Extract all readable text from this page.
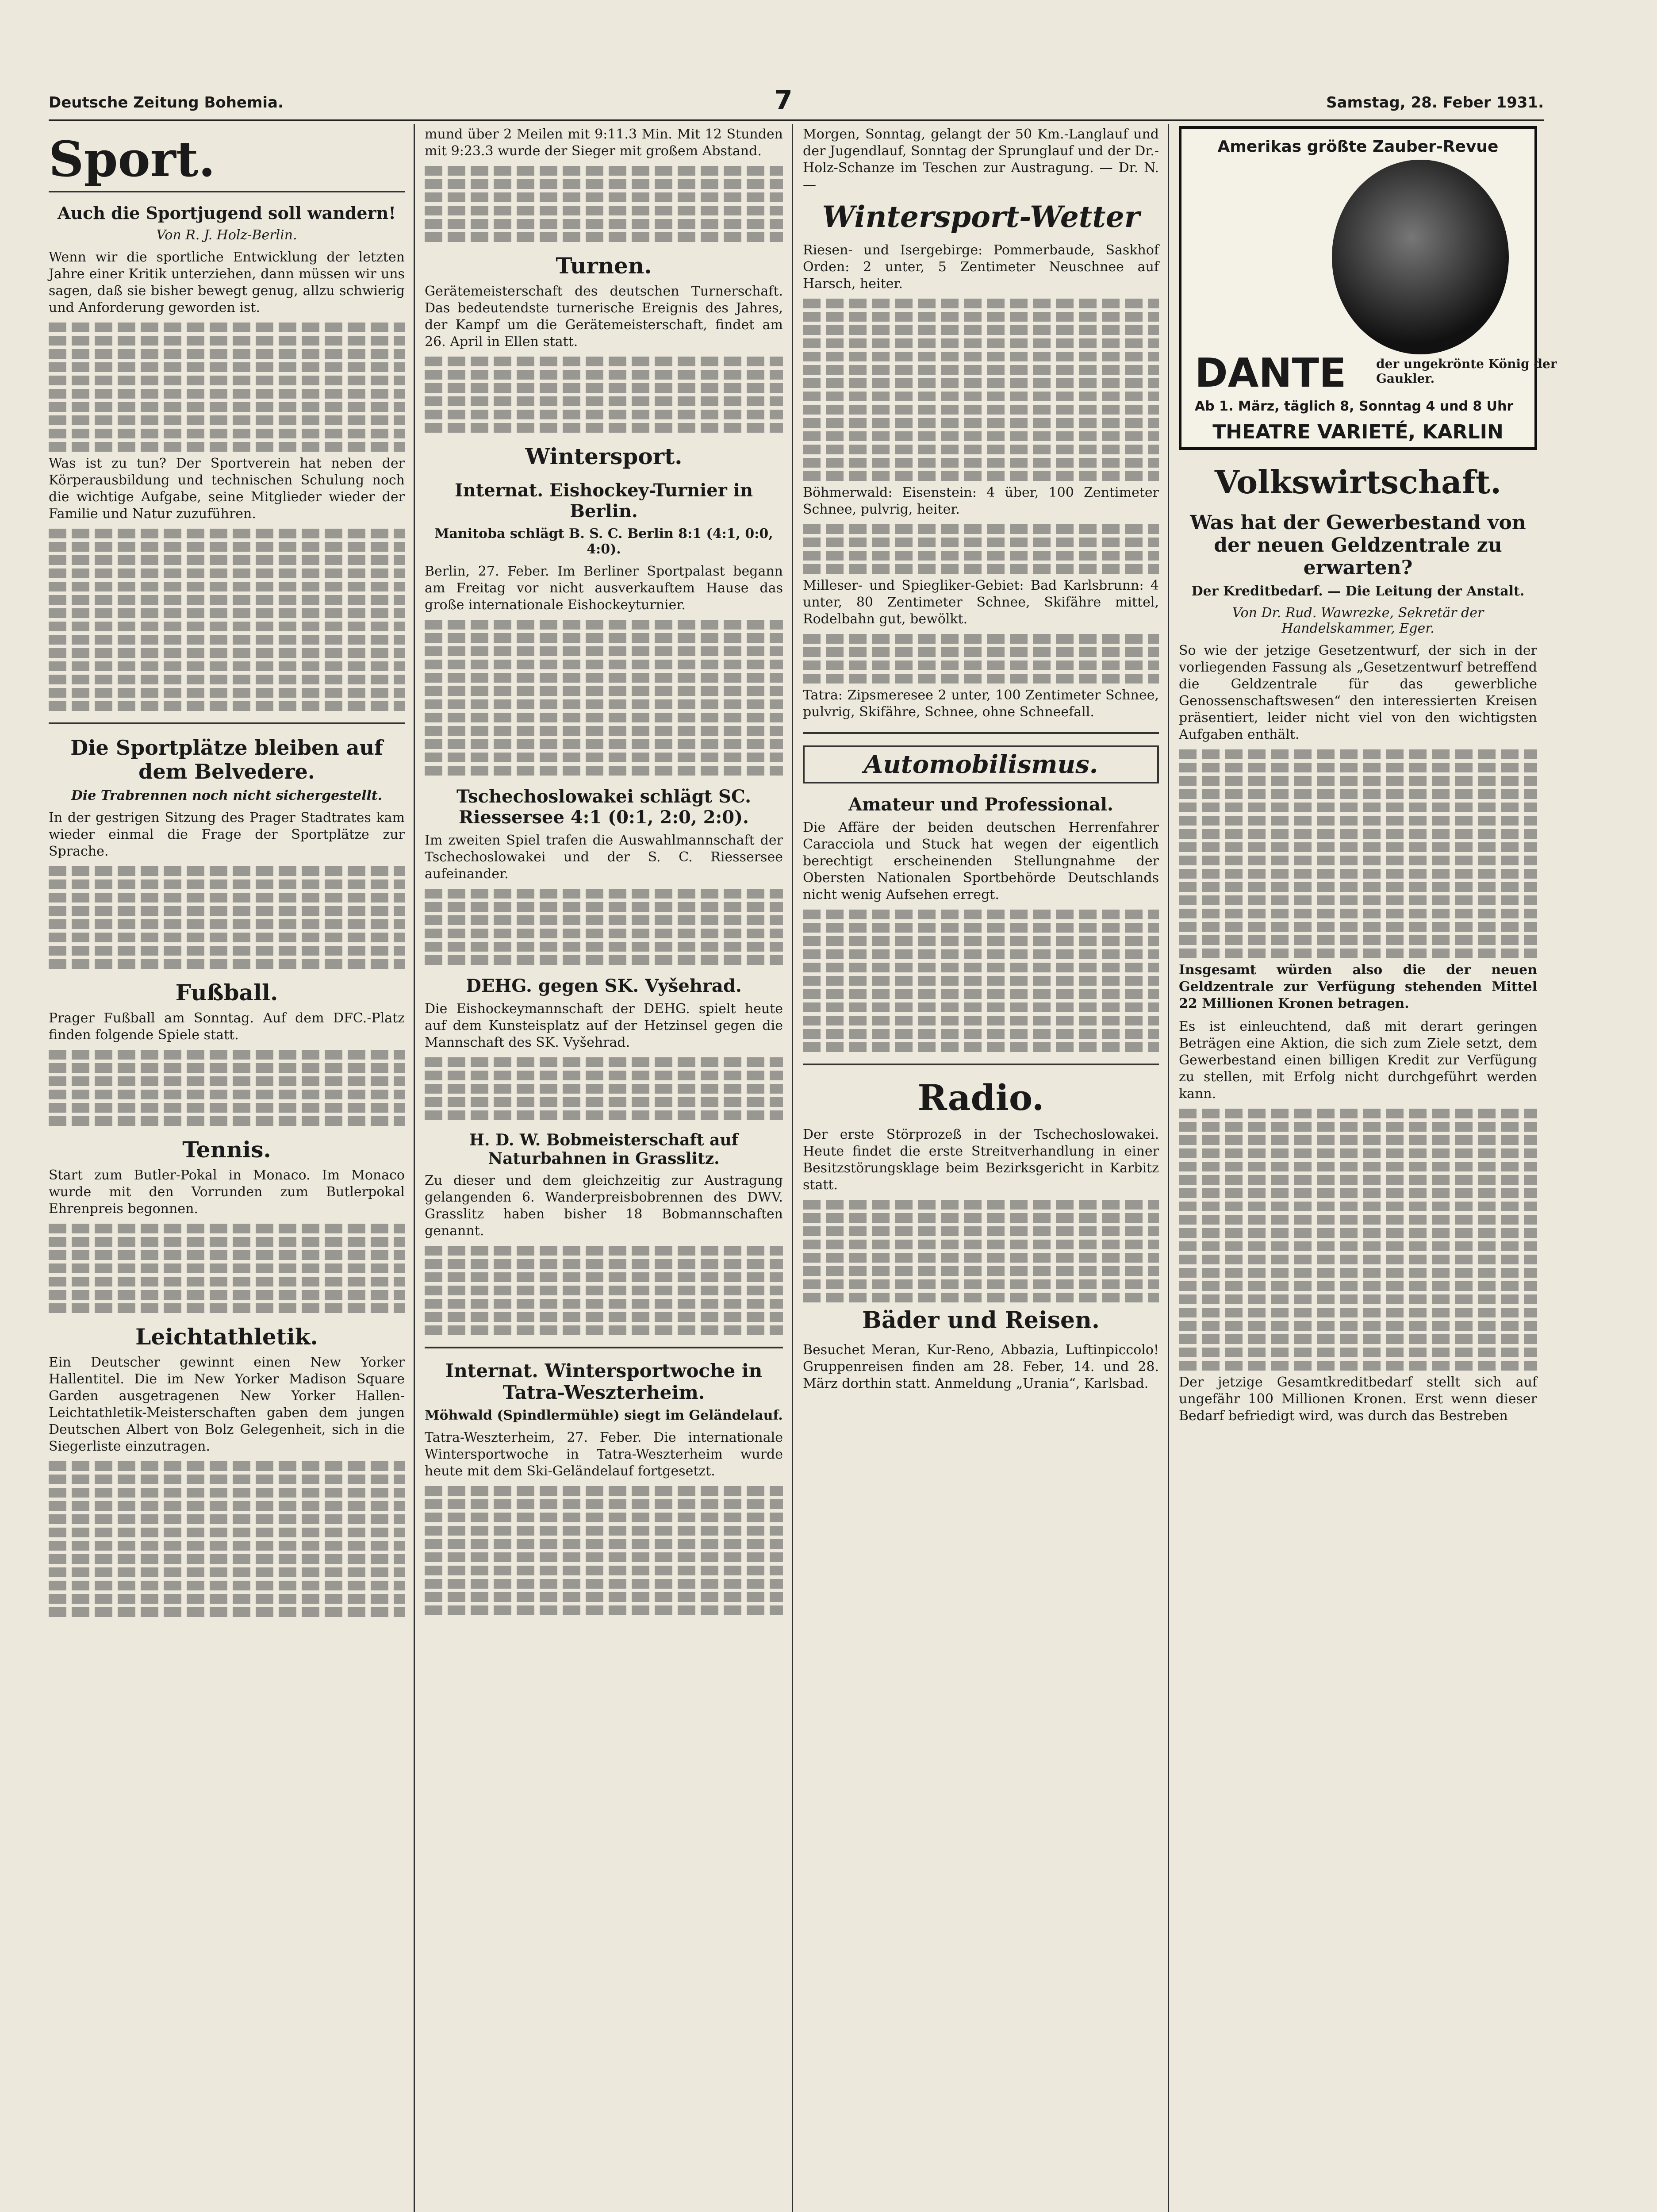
Deutsche Zeitung Bohemia.	7	Samstag, 28. Feber 1931.
Sport.
Auch die Sportjugend soll wandern!
Von R. J. Holz-Berlin.

Wenn wir die sportliche Entwicklung der letzten Jahre einer Kritik unterziehen, dann müssen wir uns sagen, daß sie bisher bewegt genug, allzu schwierig und Anforderung geworden ist.

Was ist zu tun? Der Sportverein hat neben der Körperausbildung und technischen Schulung noch die wichtige Aufgabe, seine Mitglieder wieder der Familie und Natur zuzuführen.

Die Sportplätze bleiben auf dem Belvedere.
Die Trabrennen noch nicht sichergestellt.

In der gestrigen Sitzung des Prager Stadtrates kam wieder einmal die Frage der Sportplätze zur Sprache.

Fußball.

Prager Fußball am Sonntag. Auf dem DFC.-Platz finden folgende Spiele statt.

Tennis.

Start zum Butler-Pokal in Monaco. Im Monaco wurde mit den Vorrunden zum Butlerpokal Ehrenpreis begonnen.

Leichtathletik.

Ein Deutscher gewinnt einen New Yorker Hallentitel. Die im New Yorker Madison Square Garden ausgetragenen New Yorker Hallen-Leichtathletik-Meisterschaften gaben dem jungen Deutschen Albert von Bolz Gelegenheit, sich in die Siegerliste einzutragen.

mund über 2 Meilen mit 9:11.3 Min. Mit 12 Stunden mit 9:23.3 wurde der Sieger mit großem Abstand.

Turnen.

Gerätemeisterschaft des deutschen Turnerschaft. Das bedeutendste turnerische Ereignis des Jahres, der Kampf um die Gerätemeisterschaft, findet am 26. April in Ellen statt.

Wintersport.
Internat. Eishockey-Turnier in Berlin.
Manitoba schlägt B. S. C. Berlin 8:1 (4:1, 0:0, 4:0).

Berlin, 27. Feber. Im Berliner Sportpalast begann am Freitag vor nicht ausverkauftem Hause das große internationale Eishockeyturnier.

Tschechoslowakei schlägt SC. Riessersee 4:1 (0:1, 2:0, 2:0).

Im zweiten Spiel trafen die Auswahlmannschaft der Tschechoslowakei und der S. C. Riessersee aufeinander.

DEHG. gegen SK. Vyšehrad.

Die Eishockeymannschaft der DEHG. spielt heute auf dem Kunsteisplatz auf der Hetzinsel gegen die Mannschaft des SK. Vyšehrad.

H. D. W. Bobmeisterschaft auf Naturbahnen in Grasslitz.

Zu dieser und dem gleichzeitig zur Austragung gelangenden 6. Wanderpreisbobrennen des DWV. Grasslitz haben bisher 18 Bobmannschaften genannt.

Internat. Wintersportwoche in Tatra-Weszterheim.
Möhwald (Spindlermühle) siegt im Geländelauf.

Tatra-Weszterheim, 27. Feber. Die internationale Wintersportwoche in Tatra-Weszterheim wurde heute mit dem Ski-Geländelauf fortgesetzt.

Morgen, Sonntag, gelangt der 50 Km.-Langlauf und der Jugendlauf, Sonntag der Sprunglauf und der Dr.-Holz-Schanze im Teschen zur Austragung. — Dr. N. —

Wintersport-Wetter

Riesen- und Isergebirge: Pommerbaude, Saskhof Orden: 2 unter, 5 Zentimeter Neuschnee auf Harsch, heiter.

Böhmerwald: Eisenstein: 4 über, 100 Zentimeter Schnee, pulvrig, heiter.

Milleser- und Spiegliker-Gebiet: Bad Karlsbrunn: 4 unter, 80 Zentimeter Schnee, Skifähre mittel, Rodelbahn gut, bewölkt.

Tatra: Zipsmeresee 2 unter, 100 Zentimeter Schnee, pulvrig, Skifähre, Schnee, ohne Schneefall.

Automobilismus.
Amateur und Professional.

Die Affäre der beiden deutschen Herrenfahrer Caracciola und Stuck hat wegen der eigentlich berechtigt erscheinenden Stellungnahme der Obersten Nationalen Sportbehörde Deutschlands nicht wenig Aufsehen erregt.

Radio.

Der erste Störprozeß in der Tschechoslowakei. Heute findet die erste Streitverhandlung in einer Besitzstörungsklage beim Bezirksgericht in Karbitz statt.

Bäder und Reisen.

Besuchet Meran, Kur-Reno, Abbazia, Luftinpiccolo! Gruppenreisen finden am 28. Feber, 14. und 28. März dorthin statt. Anmeldung „Urania“, Karlsbad.

Amerikas größte Zauber-Revue
DANTE der ungekrönte König der Gaukler.
Ab 1. März, täglich 8, Sonntag 4 und 8 Uhr
THEATRE VARIETÉ, KARLIN
Volkswirtschaft.
Was hat der Gewerbestand von der neuen Geldzentrale zu erwarten?
Der Kreditbedarf. — Die Leitung der Anstalt.
Von Dr. Rud. Wawrezke, Sekretär der Handelskammer, Eger.

So wie der jetzige Gesetzentwurf, der sich in der vorliegenden Fassung als „Gesetzentwurf betreffend die Geldzentrale für das gewerbliche Genossenschaftswesen“ den interessierten Kreisen präsentiert, leider nicht viel von den wichtigsten Aufgaben enthält.

Insgesamt würden also die der neuen Geldzentrale zur Verfügung stehenden Mittel 22 Millionen Kronen betragen.

Es ist einleuchtend, daß mit derart geringen Beträgen eine Aktion, die sich zum Ziele setzt, dem Gewerbestand einen billigen Kredit zur Verfügung zu stellen, mit Erfolg nicht durchgeführt werden kann.

Der jetzige Gesamtkreditbedarf stellt sich auf ungefähr 100 Millionen Kronen. Erst wenn dieser Bedarf befriedigt wird, was durch das Bestreben
